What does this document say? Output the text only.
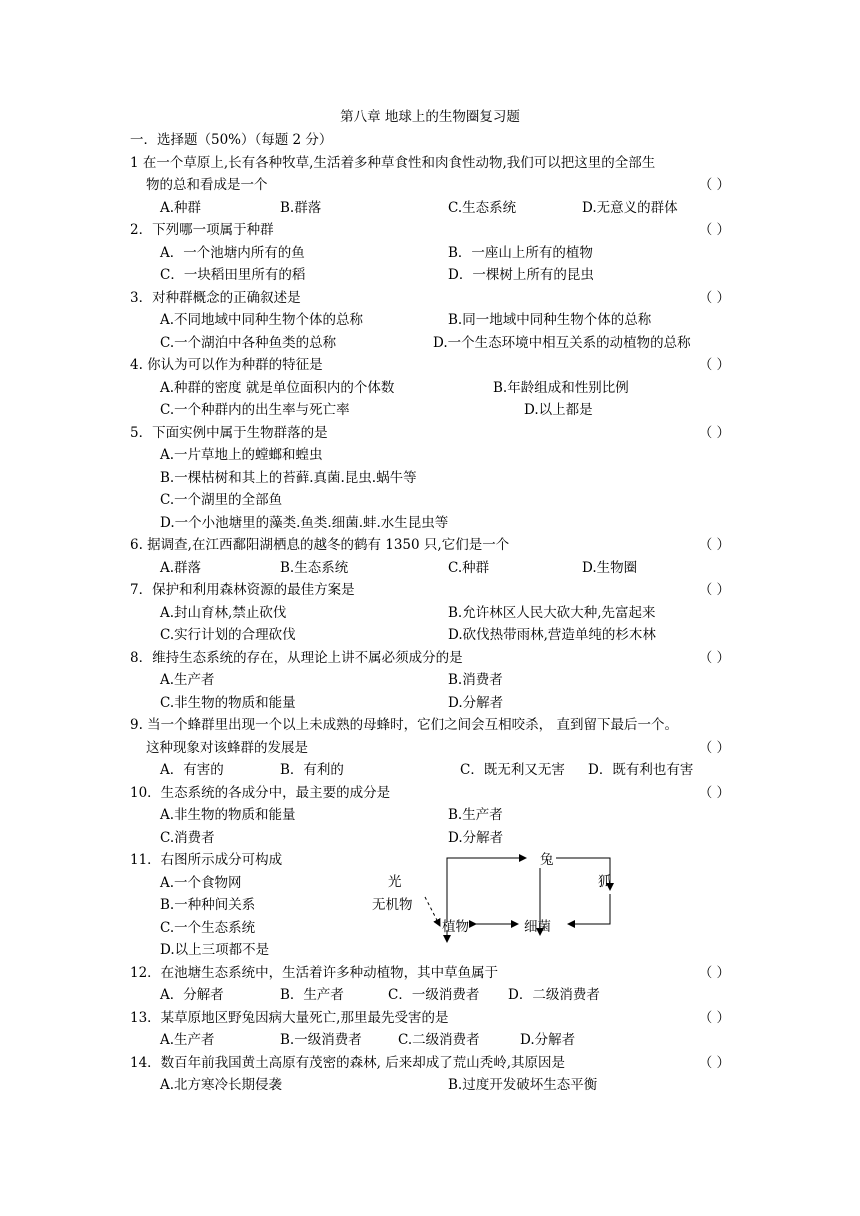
第八章 地球上的生物圈复习题
一．选择题（50%）（每题 2 分）
1 在一个草原上,长有各种牧草,生活着多种草食性和肉食性动物,我们可以把这里的全部生
物的总和看成是一个	（ ）
A.种群	B.群落	C.生态系统	D.无意义的群体
2．下列哪一项属于种群	（ ）
A．一个池塘内所有的鱼	B．一座山上所有的植物
C．一块稻田里所有的稻	D．一棵树上所有的昆虫
3．对种群概念的正确叙述是	（ ）
A.不同地域中同种生物个体的总称	B.同一地域中同种生物个体的总称
C.一个湖泊中各种鱼类的总称	D.一个生态环境中相互关系的动植物的总称
4. 你认为可以作为种群的特征是	（ ）
A.种群的密度 就是单位面积内的个体数	B.年龄组成和性别比例
C.一个种群内的出生率与死亡率	D.以上都是
5．下面实例中属于生物群落的是	（ ）
A.一片草地上的螳螂和蝗虫
B.一棵枯树和其上的苔藓.真菌.昆虫.蜗牛等
C.一个湖里的全部鱼
D.一个小池塘里的藻类.鱼类.细菌.蚌.水生昆虫等
6. 据调查,在江西鄱阳湖栖息的越冬的鹤有 1350 只,它们是一个	（ ）
A.群落	B.生态系统	C.种群	D.生物圈
7．保护和利用森林资源的最佳方案是	（ ）
A.封山育林,禁止砍伐	B.允许林区人民大砍大种,先富起来
C.实行计划的合理砍伐	D.砍伐热带雨林,营造单纯的杉木林
8．维持生态系统的存在，从理论上讲不属必须成分的是	（ ）
A.生产者	B.消费者
C.非生物的物质和能量	D.分解者
9. 当一个蜂群里出现一个以上未成熟的母蜂时，它们之间会互相咬杀， 直到留下最后一个。
这种现象对该蜂群的发展是	（ ）
A．有害的	B．有利的	C．既无利又无害 D．既有利也有害
10．生态系统的各成分中，最主要的成分是	（ ）
A.非生物的物质和能量	B.生产者
C.消费者	D.分解者
11．右图所示成分可构成
A.一个食物网
B.一种种间关系
C.一个生态系统
D.以上三项都不是
12．在池塘生态系统中，生活着许多种动植物，其中草鱼属于	（ ）
A．分解者	B．生产者	C．一级消费者 D．二级消费者
13．某草原地区野兔因病大量死亡,那里最先受害的是	（ ）
A.生产者	B.一级消费者	C.二级消费者	D.分解者
14．数百年前我国黄土高原有茂密的森林, 后来却成了荒山秃岭,其原因是	（ ）
A.北方寒冷长期侵袭	B.过度开发破坏生态平衡
光
无机物
植物
兔
狐
细菌
